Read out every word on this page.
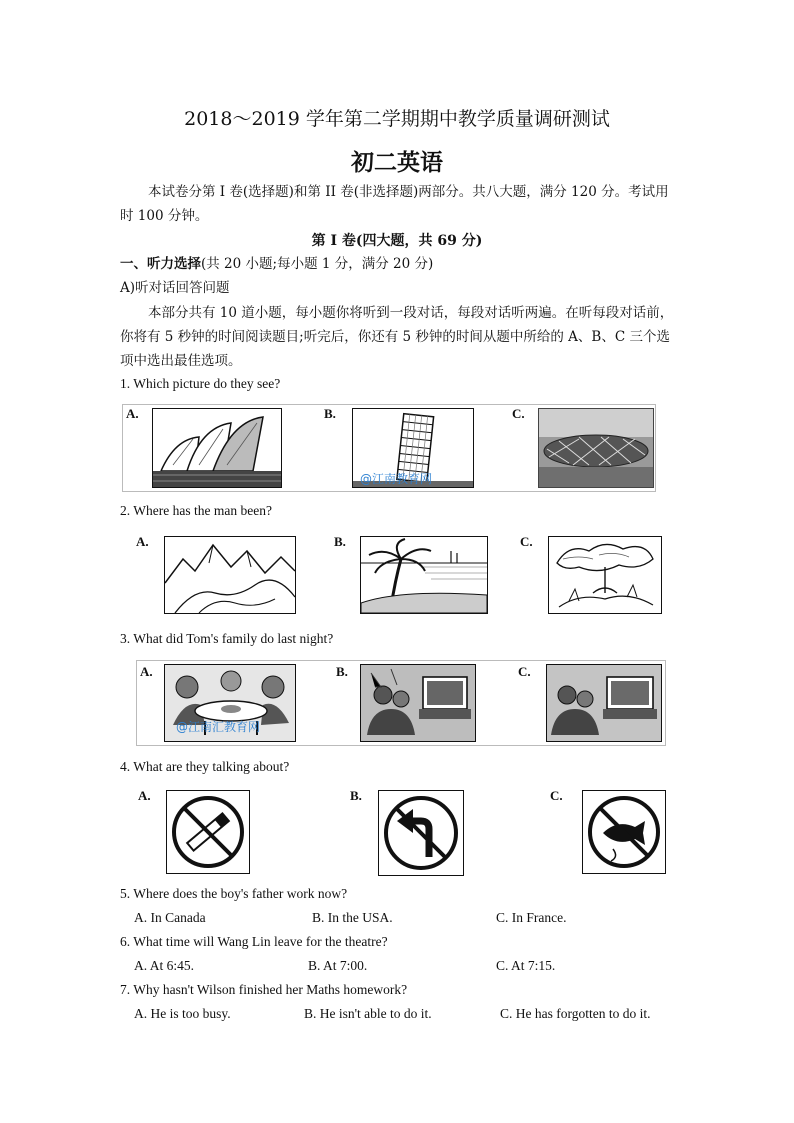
2018～2019 学年第二学期期中教学质量调研测试
初二英语
本试卷分第 I 卷(选择题)和第 II 卷(非选择题)两部分。共八大题，满分 120 分。考试用
时 100 分钟。
第 I 卷(四大题，共 69 分)
一、听力选择(共 20 小题;每小题 1 分，满分 20 分)
A)听对话回答问题
本部分共有 10 道小题，每小题你将听到一段对话，每段对话听两遍。在听每段对话前，
你将有 5 秒钟的时间阅读题目;听完后，你还有 5 秒钟的时间从题中所给的 A、B、C 三个选
项中选出最佳选项。
1. Which picture do they see?
A.	B.
@江南教育网
C.
2. Where has the man been?
A.	B.	C.
3. What did Tom's family do last night?
A.
@江南汇教育网
B.	C.
4. What are they talking about?
A.	B.	C.
5. Where does the boy's father work now?
A. In Canada	B. In the USA.	C. In France.
6. What time will Wang Lin leave for the theatre?
A. At 6:45.	B. At 7:00.	C. At 7:15.
7. Why hasn't Wilson finished her Maths homework?
A. He is too busy.	B. He isn't able to do it.	C. He has forgotten to do it.
